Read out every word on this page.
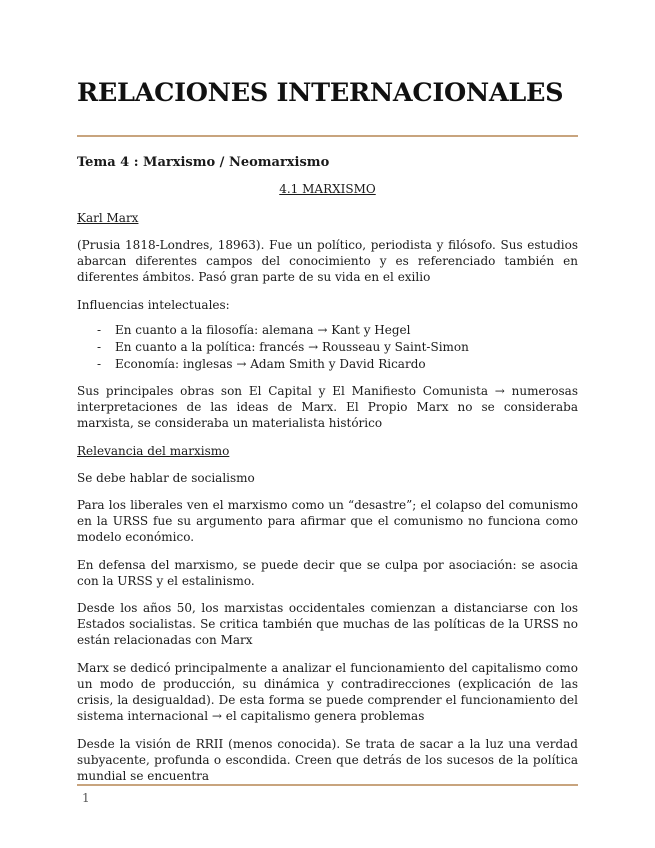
RELACIONES INTERNACIONALES
Tema 4 : Marxismo / Neomarxismo
4.1 MARXISMO

Karl Marx

(Prusia 1818-Londres, 18963). Fue un político, periodista y filósofo. Sus estudios abarcan diferentes campos del conocimiento y es referenciado también en diferentes ámbitos. Pasó gran parte de su vida en el exilio

Influencias intelectuales:

- En cuanto a la filosofía: alemana → Kant y Hegel
- En cuanto a la política: francés → Rousseau y Saint-Simon
- Economía: inglesas → Adam Smith y David Ricardo

Sus principales obras son El Capital y El Manifiesto Comunista → numerosas interpretaciones de las ideas de Marx. El Propio Marx no se consideraba marxista, se consideraba un materialista histórico

Relevancia del marxismo

Se debe hablar de socialismo

Para los liberales ven el marxismo como un “desastre”; el colapso del comunismo en la URSS fue su argumento para afirmar que el comunismo no funciona como modelo económico.

En defensa del marxismo, se puede decir que se culpa por asociación: se asocia con la URSS y el estalinismo.

Desde los años 50, los marxistas occidentales comienzan a distanciarse con los Estados socialistas. Se critica también que muchas de las políticas de la URSS no están relacionadas con Marx

Marx se dedicó principalmente a analizar el funcionamiento del capitalismo como un modo de producción, su dinámica y contradirecciones (explicación de las crisis, la desigualdad). De esta forma se puede comprender el funcionamiento del sistema internacional → el capitalismo genera problemas

Desde la visión de RRII (menos conocida). Se trata de sacar a la luz una verdad subyacente, profunda o escondida. Creen que detrás de los sucesos de la política mundial se encuentra

1
